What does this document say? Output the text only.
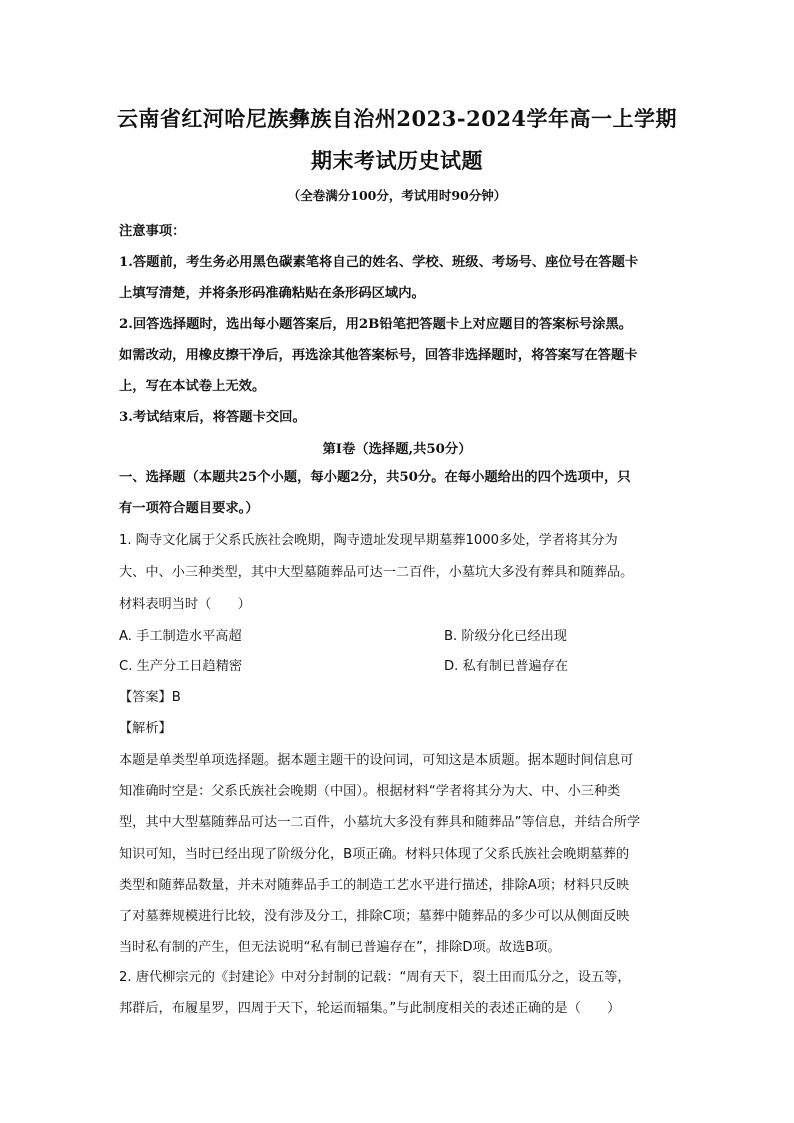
云南省红河哈尼族彝族自治州2023-2024学年高一上学期
期末考试历史试题
（全卷满分100分，考试用时90分钟）
注意事项：
1.答题前，考生务必用黑色碳素笔将自己的姓名、学校、班级、考场号、座位号在答题卡
上填写清楚，并将条形码准确粘贴在条形码区域内。
2.回答选择题时，选出每小题答案后，用2B铅笔把答题卡上对应题目的答案标号涂黑。
如需改动，用橡皮擦干净后，再选涂其他答案标号，回答非选择题时，将答案写在答题卡
上，写在本试卷上无效。
3.考试结束后，将答题卡交回。
第Ⅰ卷（选择题,共50分）
一、选择题（本题共25个小题，每小题2分，共50分。在每小题给出的四个选项中，只
有一项符合题目要求。）
1. 陶寺文化属于父系氏族社会晚期，陶寺遗址发现早期墓葬1000多处，学者将其分为
大、中、小三种类型，其中大型墓随葬品可达一二百件，小墓坑大多没有葬具和随葬品。
材料表明当时（　　）
A. 手工制造水平高超	B. 阶级分化已经出现
C. 生产分工日趋精密	D. 私有制已普遍存在
【答案】B
【解析】
本题是单类型单项选择题。据本题主题干的设问词，可知这是本质题。据本题时间信息可
知准确时空是：父系氏族社会晚期（中国）。根据材料“学者将其分为大、中、小三种类
型，其中大型墓随葬品可达一二百件，小墓坑大多没有葬具和随葬品”等信息，并结合所学
知识可知，当时已经出现了阶级分化，B项正确。材料只体现了父系氏族社会晚期墓葬的
类型和随葬品数量，并未对随葬品手工的制造工艺水平进行描述，排除A项；材料只反映
了对墓葬规模进行比较，没有涉及分工，排除C项；墓葬中随葬品的多少可以从侧面反映
当时私有制的产生，但无法说明“私有制已普遍存在”，排除D项。故选B项。
2. 唐代柳宗元的《封建论》中对分封制的记载：“周有天下，裂土田而瓜分之，设五等，
邦群后，布履星罗，四周于天下，轮运而辐集。”与此制度相关的表述正确的是（　　）
